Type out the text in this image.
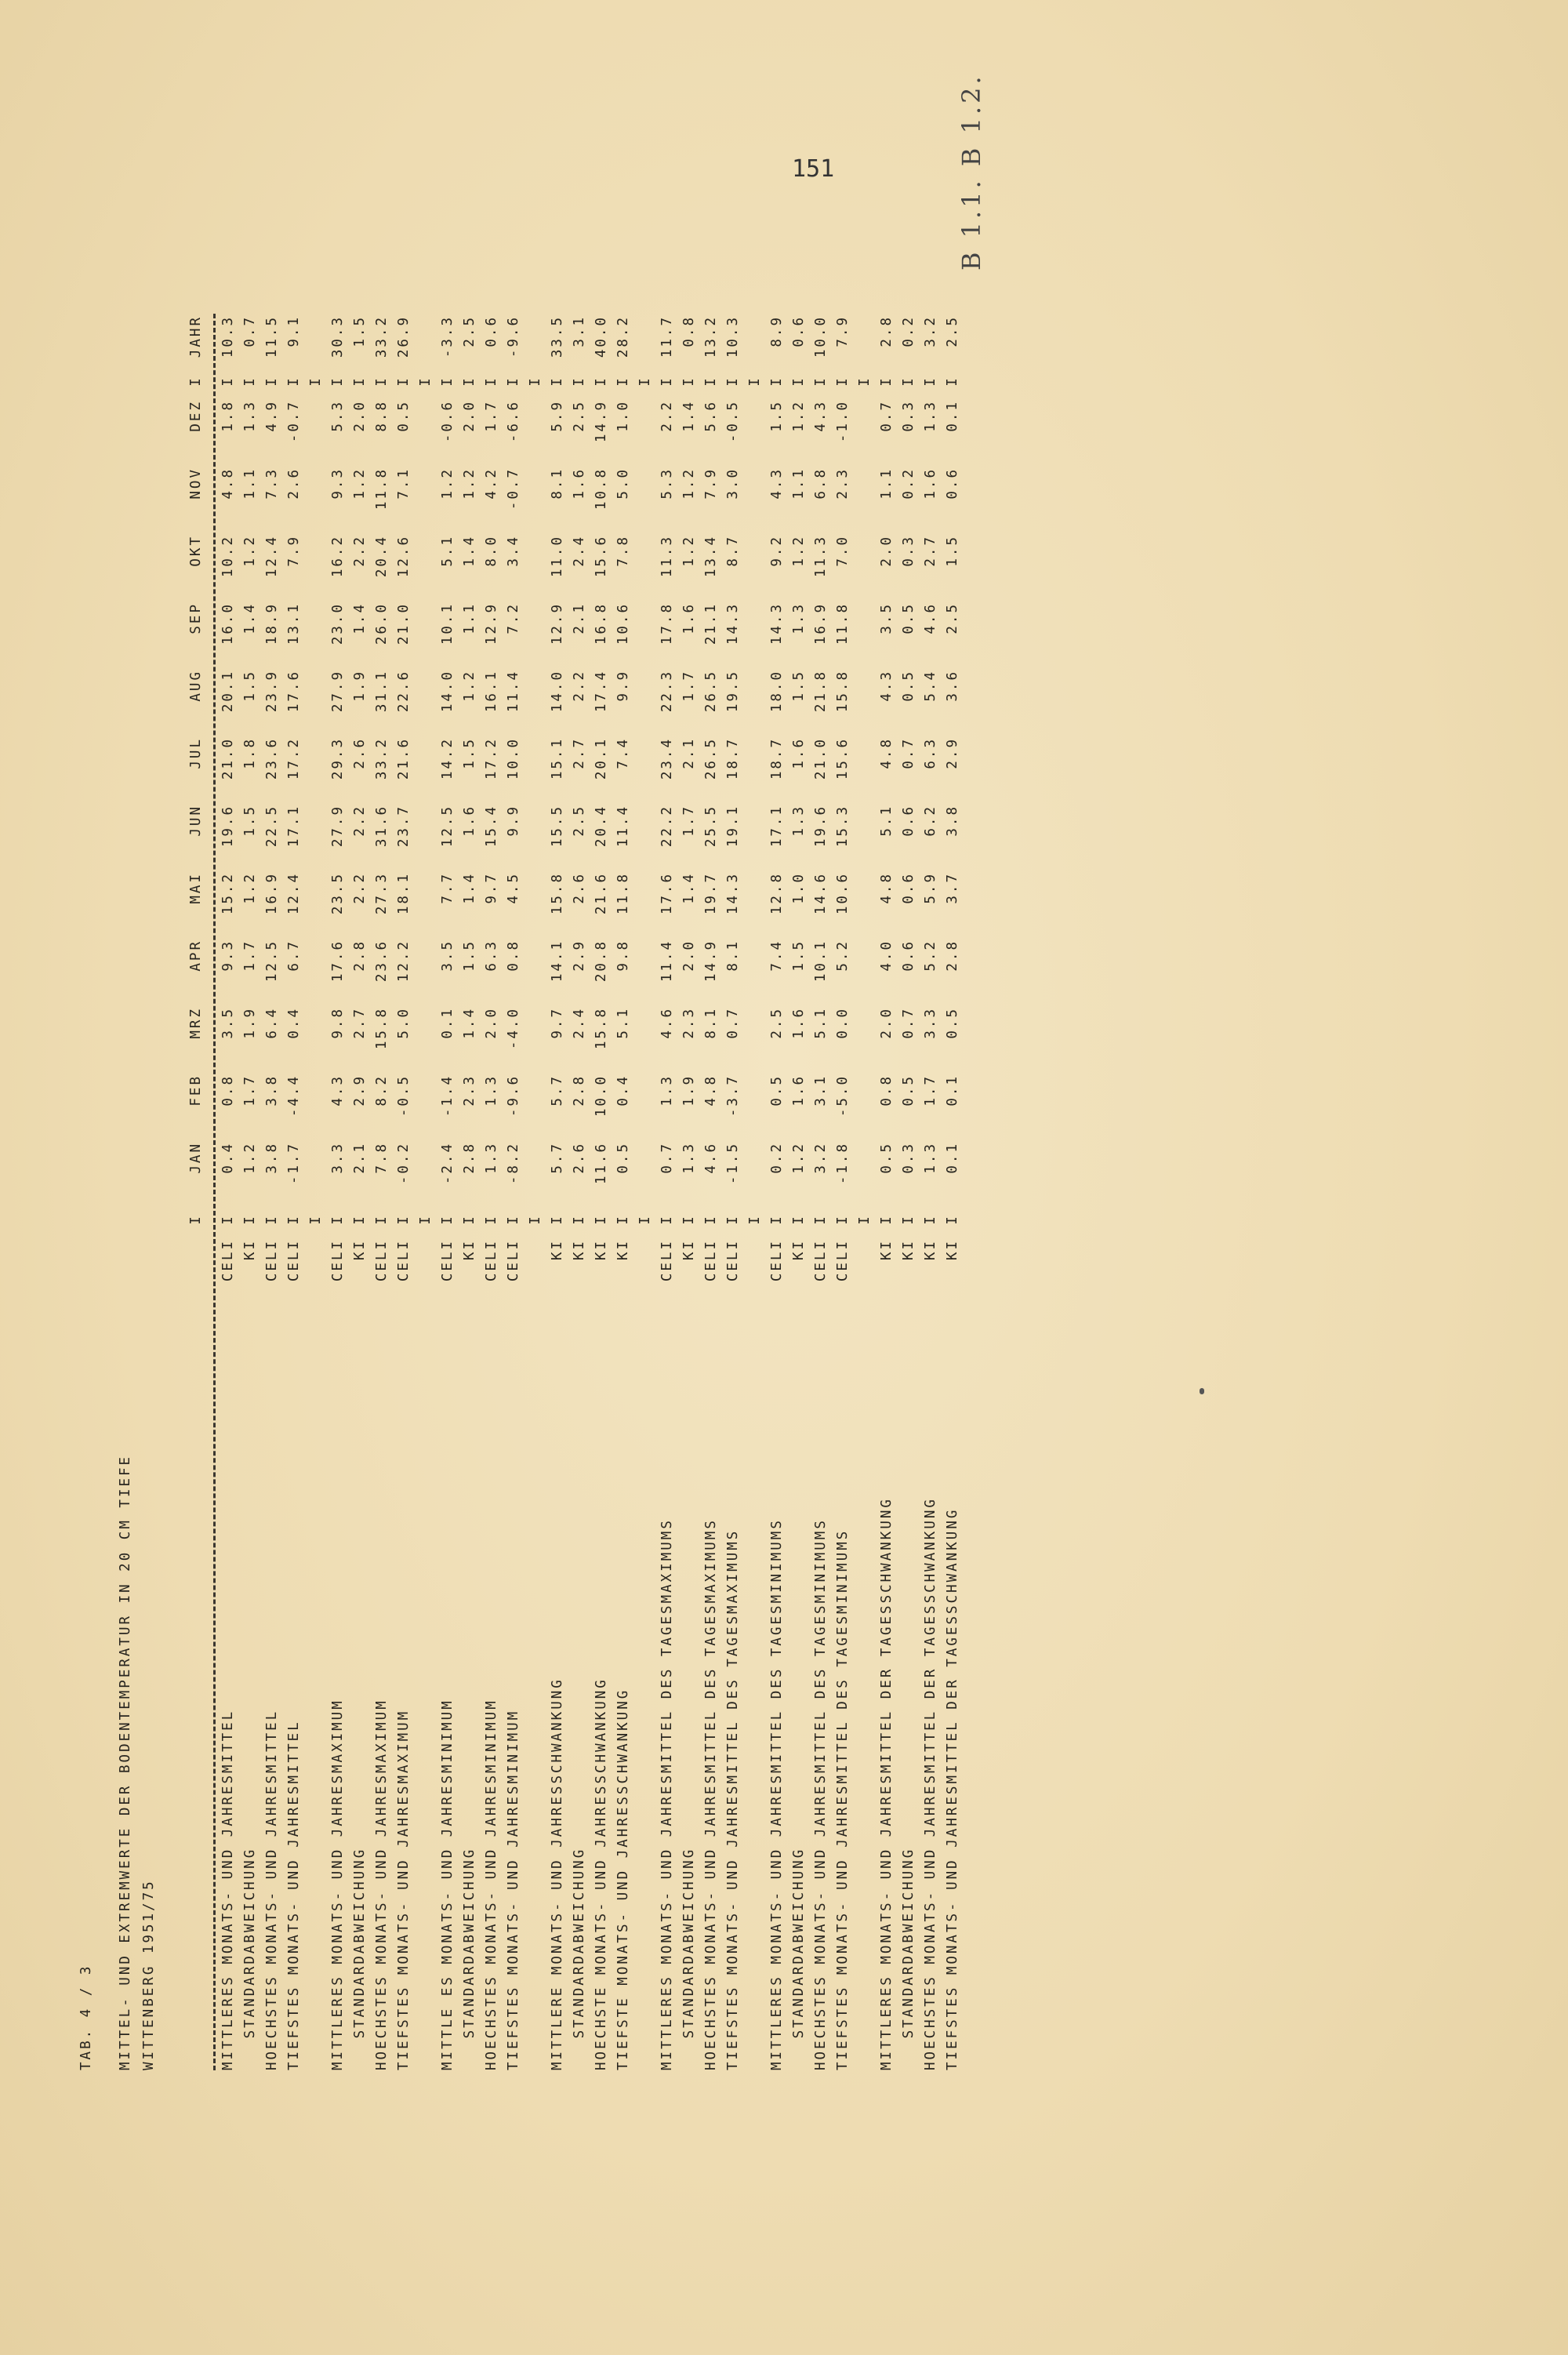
151	B 1.1. B 1.2.
TAB. 4 / 3 MITTEL- UND EXTREMWERTE DER BODENTEMPERATUR IN 20 CM TIEFE WITTENBERG 1951/75
I
JAN
FEB
MRZ
APR
MAI
JUN
JUL
AUG
SEP
OKT
NOV
DEZ
I
JAHR
MITTLERES MONATS- UND JAHRESMITTEL
CELI
I
0.4
0.8
3.5
9.3
15.2
19.6
21.0
20.1
16.0
10.2
4.8
1.8
I
10.3
STANDARDABWEICHUNG
KI
I
1.2
1.7
1.9
1.7
1.2
1.5
1.8
1.5
1.4
1.2
1.1
1.3
I
0.7
HOECHSTES MONATS- UND JAHRESMITTEL
CELI
I
3.8
3.8
6.4
12.5
16.9
22.5
23.6
23.9
18.9
12.4
7.3
4.9
I
11.5
TIEFSTES MONATS- UND JAHRESMITTEL
CELI
I
-1.7
-4.4
0.4
6.7
12.4
17.1
17.2
17.6
13.1
7.9
2.6
-0.7
I
9.1
I
I
MITTLERES MONATS- UND JAHRESMAXIMUM
CELI
I
3.3
4.3
9.8
17.6
23.5
27.9
29.3
27.9
23.0
16.2
9.3
5.3
I
30.3
STANDARDABWEICHUNG
KI
I
2.1
2.9
2.7
2.8
2.2
2.2
2.6
1.9
1.4
2.2
1.2
2.0
I
1.5
HOECHSTES MONATS- UND JAHRESMAXIMUM
CELI
I
7.8
8.2
15.8
23.6
27.3
31.6
33.2
31.1
26.0
20.4
11.8
8.8
I
33.2
TIEFSTES MONATS- UND JAHRESMAXIMUM
CELI
I
-0.2
-0.5
5.0
12.2
18.1
23.7
21.6
22.6
21.0
12.6
7.1
0.5
I
26.9
I
I
MITTLE ES MONATS- UND JAHRESMINIMUM
CELI
I
-2.4
-1.4
0.1
3.5
7.7
12.5
14.2
14.0
10.1
5.1
1.2
-0.6
I
-3.3
STANDARDABWEICHUNG
KI
I
2.8
2.3
1.4
1.5
1.4
1.6
1.5
1.2
1.1
1.4
1.2
2.0
I
2.5
HOECHSTES MONATS- UND JAHRESMINIMUM
CELI
I
1.3
1.3
2.0
6.3
9.7
15.4
17.2
16.1
12.9
8.0
4.2
1.7
I
0.6
TIEFSTES MONATS- UND JAHRESMINIMUM
CELI
I
-8.2
-9.6
-4.0
0.8
4.5
9.9
10.0
11.4
7.2
3.4
-0.7
-6.6
I
-9.6
I
I
MITTLERE MONATS- UND JAHRESSCHWANKUNG
KI
I
5.7
5.7
9.7
14.1
15.8
15.5
15.1
14.0
12.9
11.0
8.1
5.9
I
33.5
STANDARDABWEICHUNG
KI
I
2.6
2.8
2.4
2.9
2.6
2.5
2.7
2.2
2.1
2.4
1.6
2.5
I
3.1
HOECHSTE MONATS- UND JAHRESSCHWANKUNG
KI
I
11.6
10.0
15.8
20.8
21.6
20.4
20.1
17.4
16.8
15.6
10.8
14.9
I
40.0
TIEFSTE MONATS- UND JAHRESSCHWANKUNG
KI
I
0.5
0.4
5.1
9.8
11.8
11.4
7.4
9.9
10.6
7.8
5.0
1.0
I
28.2
I
I
MITTLERES MONATS- UND JAHRESMITTEL DES TAGESMAXIMUMS
CELI
I
0.7
1.3
4.6
11.4
17.6
22.2
23.4
22.3
17.8
11.3
5.3
2.2
I
11.7
STANDARDABWEICHUNG
KI
I
1.3
1.9
2.3
2.0
1.4
1.7
2.1
1.7
1.6
1.2
1.2
1.4
I
0.8
HOECHSTES MONATS- UND JAHRESMITTEL DES TAGESMAXIMUMS
CELI
I
4.6
4.8
8.1
14.9
19.7
25.5
26.5
26.5
21.1
13.4
7.9
5.6
I
13.2
TIEFSTES MONATS- UND JAHRESMITTEL DES TAGESMAXIMUMS
CELI
I
-1.5
-3.7
0.7
8.1
14.3
19.1
18.7
19.5
14.3
8.7
3.0
-0.5
I
10.3
I
I
MITTLERES MONATS- UND JAHRESMITTEL DES TAGESMINIMUMS
CELI
I
0.2
0.5
2.5
7.4
12.8
17.1
18.7
18.0
14.3
9.2
4.3
1.5
I
8.9
STANDARDABWEICHUNG
KI
I
1.2
1.6
1.6
1.5
1.0
1.3
1.6
1.5
1.3
1.2
1.1
1.2
I
0.6
HOECHSTES MONATS- UND JAHRESMITTEL DES TAGESMINIMUMS
CELI
I
3.2
3.1
5.1
10.1
14.6
19.6
21.0
21.8
16.9
11.3
6.8
4.3
I
10.0
TIEFSTES MONATS- UND JAHRESMITTEL DES TAGESMINIMUMS
CELI
I
-1.8
-5.0
0.0
5.2
10.6
15.3
15.6
15.8
11.8
7.0
2.3
-1.0
I
7.9
I
I
MITTLERES MONATS- UND JAHRESMITTEL DER TAGESSCHWANKUNG
KI
I
0.5
0.8
2.0
4.0
4.8
5.1
4.8
4.3
3.5
2.0
1.1
0.7
I
2.8
STANDARDABWEICHUNG
KI
I
0.3
0.5
0.7
0.6
0.6
0.6
0.7
0.5
0.5
0.3
0.2
0.3
I
0.2
HOECHSTES MONATS- UND JAHRESMITTEL DER TAGESSCHWANKUNG
KI
I
1.3
1.7
3.3
5.2
5.9
6.2
6.3
5.4
4.6
2.7
1.6
1.3
I
3.2
TIEFSTES MONATS- UND JAHRESMITTEL DER TAGESSCHWANKUNG
KI
I
0.1
0.1
0.5
2.8
3.7
3.8
2.9
3.6
2.5
1.5
0.6
0.1
I
2.5
